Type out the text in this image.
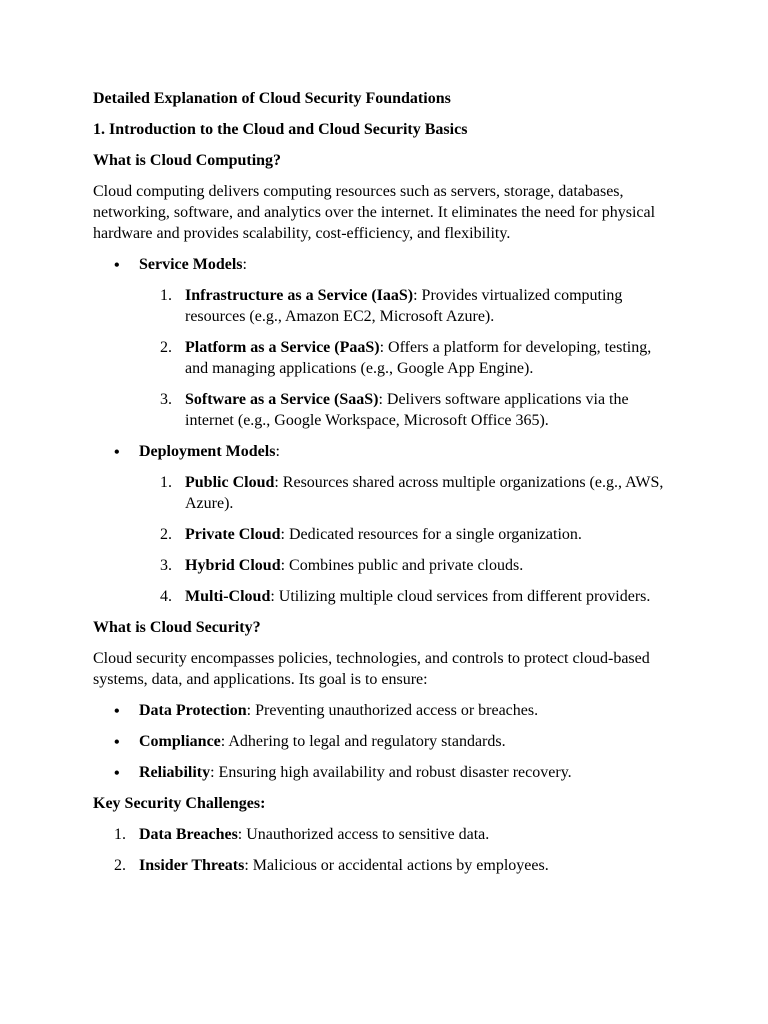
Detailed Explanation of Cloud Security Foundations
1. Introduction to the Cloud and Cloud Security Basics
What is Cloud Computing?
Cloud computing delivers computing resources such as servers, storage, databases, networking, software, and analytics over the internet. It eliminates the need for physical hardware and provides scalability, cost-efficiency, and flexibility.
• Service Models:
1. Infrastructure as a Service (IaaS): Provides virtualized computing resources (e.g., Amazon EC2, Microsoft Azure).
2. Platform as a Service (PaaS): Offers a platform for developing, testing, and managing applications (e.g., Google App Engine).
3. Software as a Service (SaaS): Delivers software applications via the internet (e.g., Google Workspace, Microsoft Office 365).
• Deployment Models:
1. Public Cloud: Resources shared across multiple organizations (e.g., AWS, Azure).
2. Private Cloud: Dedicated resources for a single organization.
3. Hybrid Cloud: Combines public and private clouds.
4. Multi-Cloud: Utilizing multiple cloud services from different providers.
What is Cloud Security?
Cloud security encompasses policies, technologies, and controls to protect cloud-based systems, data, and applications. Its goal is to ensure:
• Data Protection: Preventing unauthorized access or breaches.
• Compliance: Adhering to legal and regulatory standards.
• Reliability: Ensuring high availability and robust disaster recovery.
Key Security Challenges:
1. Data Breaches: Unauthorized access to sensitive data.
2. Insider Threats: Malicious or accidental actions by employees.
